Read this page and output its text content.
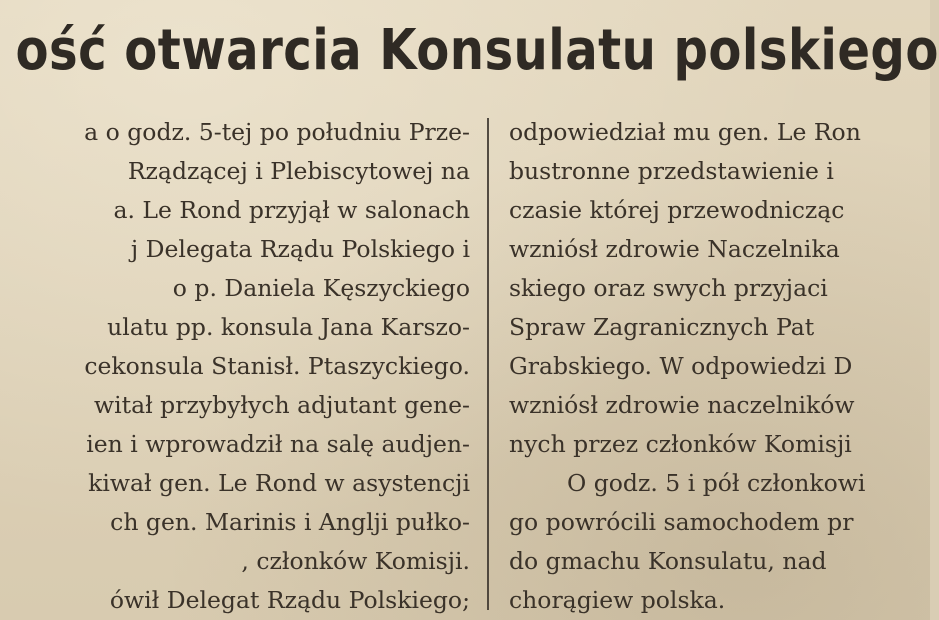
ość otwarcia Konsulatu polskiego
a o godz. 5-tej po południu Prze-
Rządzącej i Plebiscytowej na
a. Le Rond przyjął w salonach
j Delegata Rządu Polskiego i
o p. Daniela Kęszyckiego
ulatu pp. konsula Jana Karszo-
cekonsula Stanisł. Ptaszyckiego.
witał przybyłych adjutant gene-
ien i wprowadził na salę audjen-
kiwał gen. Le Rond w asystencji
ch gen. Marinis i Anglji pułko-
, członków Komisji.
ówił Delegat Rządu Polskiego;
odpowiedział mu gen. Le Ron
bustronne przedstawienie i
czasie której przewodnicząc
wzniósł zdrowie Naczelnika
skiego oraz swych przyjaci
Spraw Zagranicznych Pat
Grabskiego. W odpowiedzi D
wzniósł zdrowie naczelników
nych przez członków Komisji
O godz. 5 i pół członkowi
go powrócili samochodem pr
do gmachu Konsulatu, nad
chorągiew polska.
